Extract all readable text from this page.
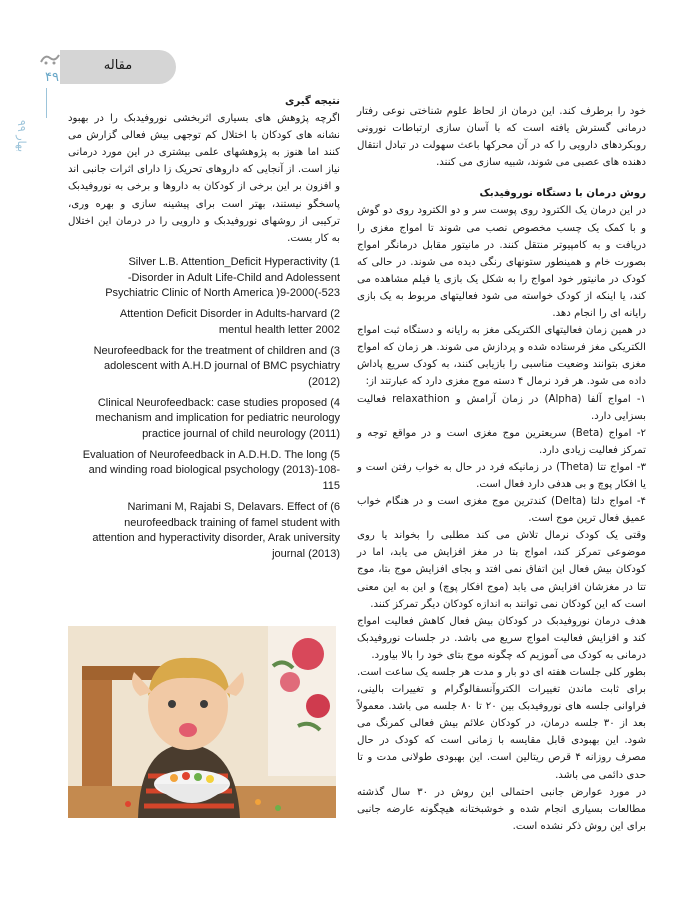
مقاله
۴۹
بهار ۹۹

خود را برطرف کند. این درمان از لحاظ علوم شناختی نوعی رفتار درمانی گسترش یافته است که با آسان سازی ارتباطات نورونی روبکردهای دارویی را که در آن محرکها باعث سهولت در تبادل انتقال دهنده های عصبی می شوند، شبیه سازی می کنند.

روش درمان با دستگاه نوروفیدبک

در این درمان یک الکترود روی پوست سر و دو الکترود روی دو گوش و با کمک یک چسب مخصوص نصب می شوند تا امواج مغزی را دریافت و به کامپیوتر منتقل کنند. در مانیتور مقابل درمانگر امواج بصورت خام و همینطور ستونهای رنگی دیده می شوند. در حالی که کودک در مانیتور خود امواج را به شکل یک بازی یا فیلم مشاهده می کند، یا اینکه از کودک خواسته می شود فعالیتهای مربوط به یک بازی رایانه ای را انجام دهد.

در همین زمان فعالیتهای الکتریکی مغز به رایانه و دستگاه ثبت امواج الکتریکی مغز فرستاده شده و پردازش می شوند. هر زمان که امواج مغزی بتوانند وضعیت مناسبی را بازیابی کنند، به کودک سریع پاداش داده می شود. هر فرد نرمال ۴ دسته موج مغزی دارد که عبارتند از:

۱- امواج آلفا (Alpha) در زمان آرامش و relaxathion فعالیت بسزایی دارد.

۲- امواج (Beta) سریعترین موج مغزی است و در مواقع توجه و تمرکز فعالیت زیادی دارد.

۳- امواج تتا (Theta) در زمانیکه فرد در حال به خواب رفتن است و یا افکار پوچ و بی هدفی دارد فعال است.

۴- امواج دلتا (Delta) کندترین موج مغزی است و در هنگام خواب عمیق فعال ترین موج است.

وقتی یک کودک نرمال تلاش می کند مطلبی را بخواند یا روی موضوعی تمرکز کند، امواج بتا در مغز افزایش می یابد، اما در کودکان بیش فعال این اتفاق نمی افتد و بجای افزایش موج بتا، موج تتا در مغزشان افزایش می یابد (موج افکار پوچ) و این به این معنی است که این کودکان نمی توانند به اندازه کودکان دیگر تمرکز کنند.

هدف درمان نوروفیدبک در کودکان بیش فعال کاهش فعالیت امواج کند و افزایش فعالیت امواج سریع می باشد. در جلسات نوروفیدبک درمانی به کودک می آموزیم که چگونه موج بتای خود را بالا بیاورد.

بطور کلی جلسات هفته ای دو بار و مدت هر جلسه یک ساعت است. برای ثابت ماندن تغییرات الکتروآنسفالوگرام و تغییرات بالینی، فراوانی جلسه های نوروفیدبک بین ۲۰ تا ۸۰ جلسه می باشد. معمولاً بعد از ۳۰ جلسه درمان، در کودکان علائم بیش فعالی کمرنگ می شود. این بهبودی قابل مقایسه با زمانی است که کودک در حال مصرف روزانه ۴ قرص ریتالین است. این بهبودی طولانی مدت و تا حدی دائمی می باشد.

در مورد عوارض جانبی احتمالی این روش در ۳۰ سال گذشته مطالعات بسیاری انجام شده و خوشبختانه هیچگونه عارضه جانبی برای این روش ذکر نشده است.

نتیجه گیری

اگرچه پژوهش های بسیاری اثربخشی نوروفیدبک را در بهبود نشانه های کودکان با اختلال کم توجهی بیش فعالی گزارش می کنند اما هنوز به پژوهشهای علمی بیشتری در این مورد درمانی نیاز است. از آنجایی که داروهای تحریک زا دارای اثرات جانبی اند و افزون بر این برخی از کودکان به داروها و برخی به نوروفیدبک پاسخگو نیستند، بهتر است برای پیشینه سازی و بهره وری، ترکیبی از روشهای نوروفیدبک و دارویی را در درمان این اختلال به کار بست.

Silver L.B. Attention_Deficit Hyperactivity (1
Disorder in Adult Life-Child and Adolessent-
523-)9-2000( Psychiatric Clinic of North America
Attention Deficit Disorder in Adults-harvard (2
2002 mentul health letter
Neurofeedback for the treatment of children and (3
adolescent with A.H.D journal of BMC psychiatry
(2012)
Clinical Neurofeedback: case studies proposed (4
mechanism and implication for pediatric neurology
(2011) practice journal of child neurology
Evaluation of Neurofeedback in A.D.H.D. The long (5
-108-(2013) and winding road biological psychology
115
Narimani M, Rajabi S, Delavars. Effect of (6
neurofeedback training of famel student with
attention and hyperactivity disorder, Arak university
(2013) journal
